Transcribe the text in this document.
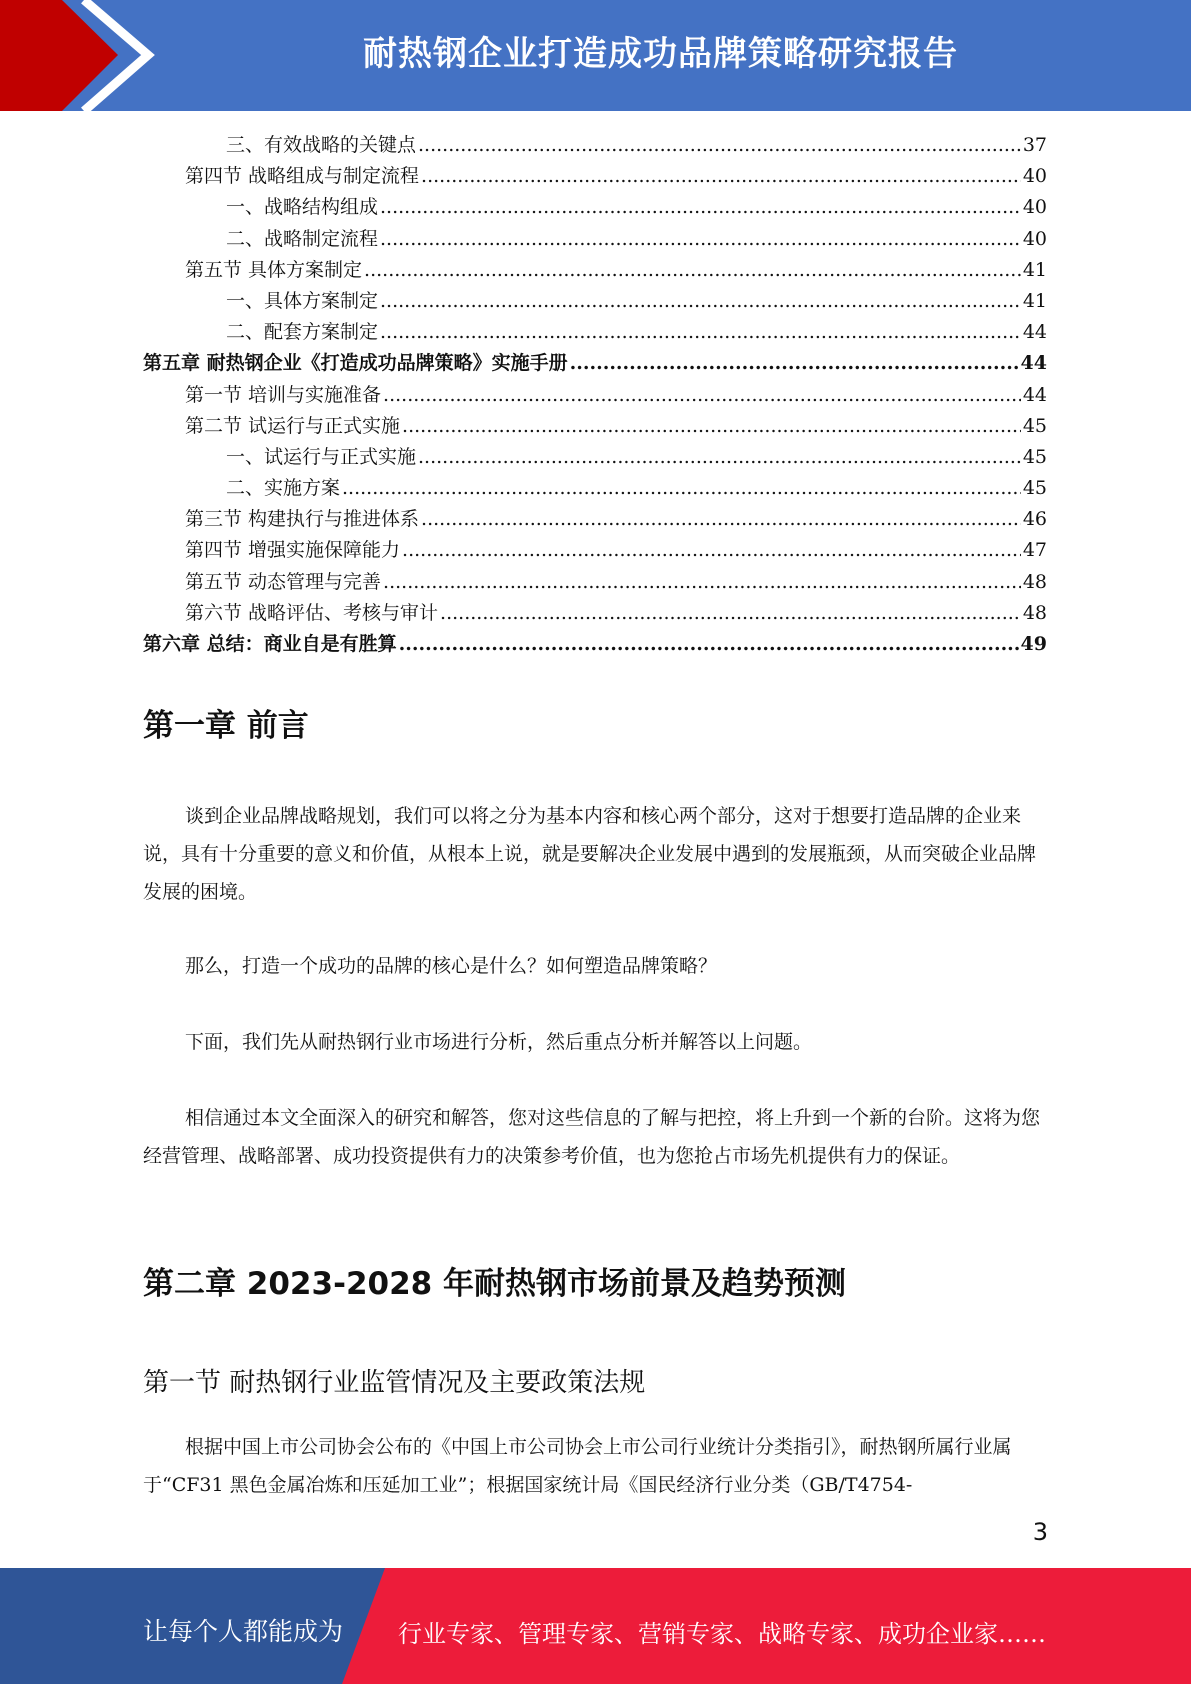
耐热钢企业打造成功品牌策略研究报告
三、有效战略的关键点 .....	37
第四节 战略组成与制定流程 .....	40
一、战略结构组成 .....	40
二、战略制定流程 .....	40
第五节 具体方案制定 .....	41
一、具体方案制定 .....	41
二、配套方案制定 .....	44
第五章 耐热钢企业《打造成功品牌策略》实施手册 .....	44
第一节 培训与实施准备 .....	44
第二节 试运行与正式实施 .....	45
一、试运行与正式实施 .....	45
二、实施方案 .....	45
第三节 构建执行与推进体系 .....	46
第四节 增强实施保障能力 .....	47
第五节 动态管理与完善 .....	48
第六节 战略评估、考核与审计 .....	48
第六章 总结：商业自是有胜算 .....	49
第一章 前言

谈到企业品牌战略规划，我们可以将之分为基本内容和核心两个部分，这对于想要打造品牌的企业来说，具有十分重要的意义和价值，从根本上说，就是要解决企业发展中遇到的发展瓶颈，从而突破企业品牌发展的困境。

那么，打造一个成功的品牌的核心是什么？如何塑造品牌策略？

下面，我们先从耐热钢行业市场进行分析，然后重点分析并解答以上问题。

相信通过本文全面深入的研究和解答，您对这些信息的了解与把控，将上升到一个新的台阶。这将为您经营管理、战略部署、成功投资提供有力的决策参考价值，也为您抢占市场先机提供有力的保证。

第二章 2023-2028 年耐热钢市场前景及趋势预测
第一节 耐热钢行业监管情况及主要政策法规

根据中国上市公司协会公布的《中国上市公司协会上市公司行业统计分类指引》，耐热钢所属行业属于“CF31 黑色金属冶炼和压延加工业”；根据国家统计局《国民经济行业分类（GB/T4754-

3
让每个人都能成为 行业专家、管理专家、营销专家、战略专家、成功企业家……
